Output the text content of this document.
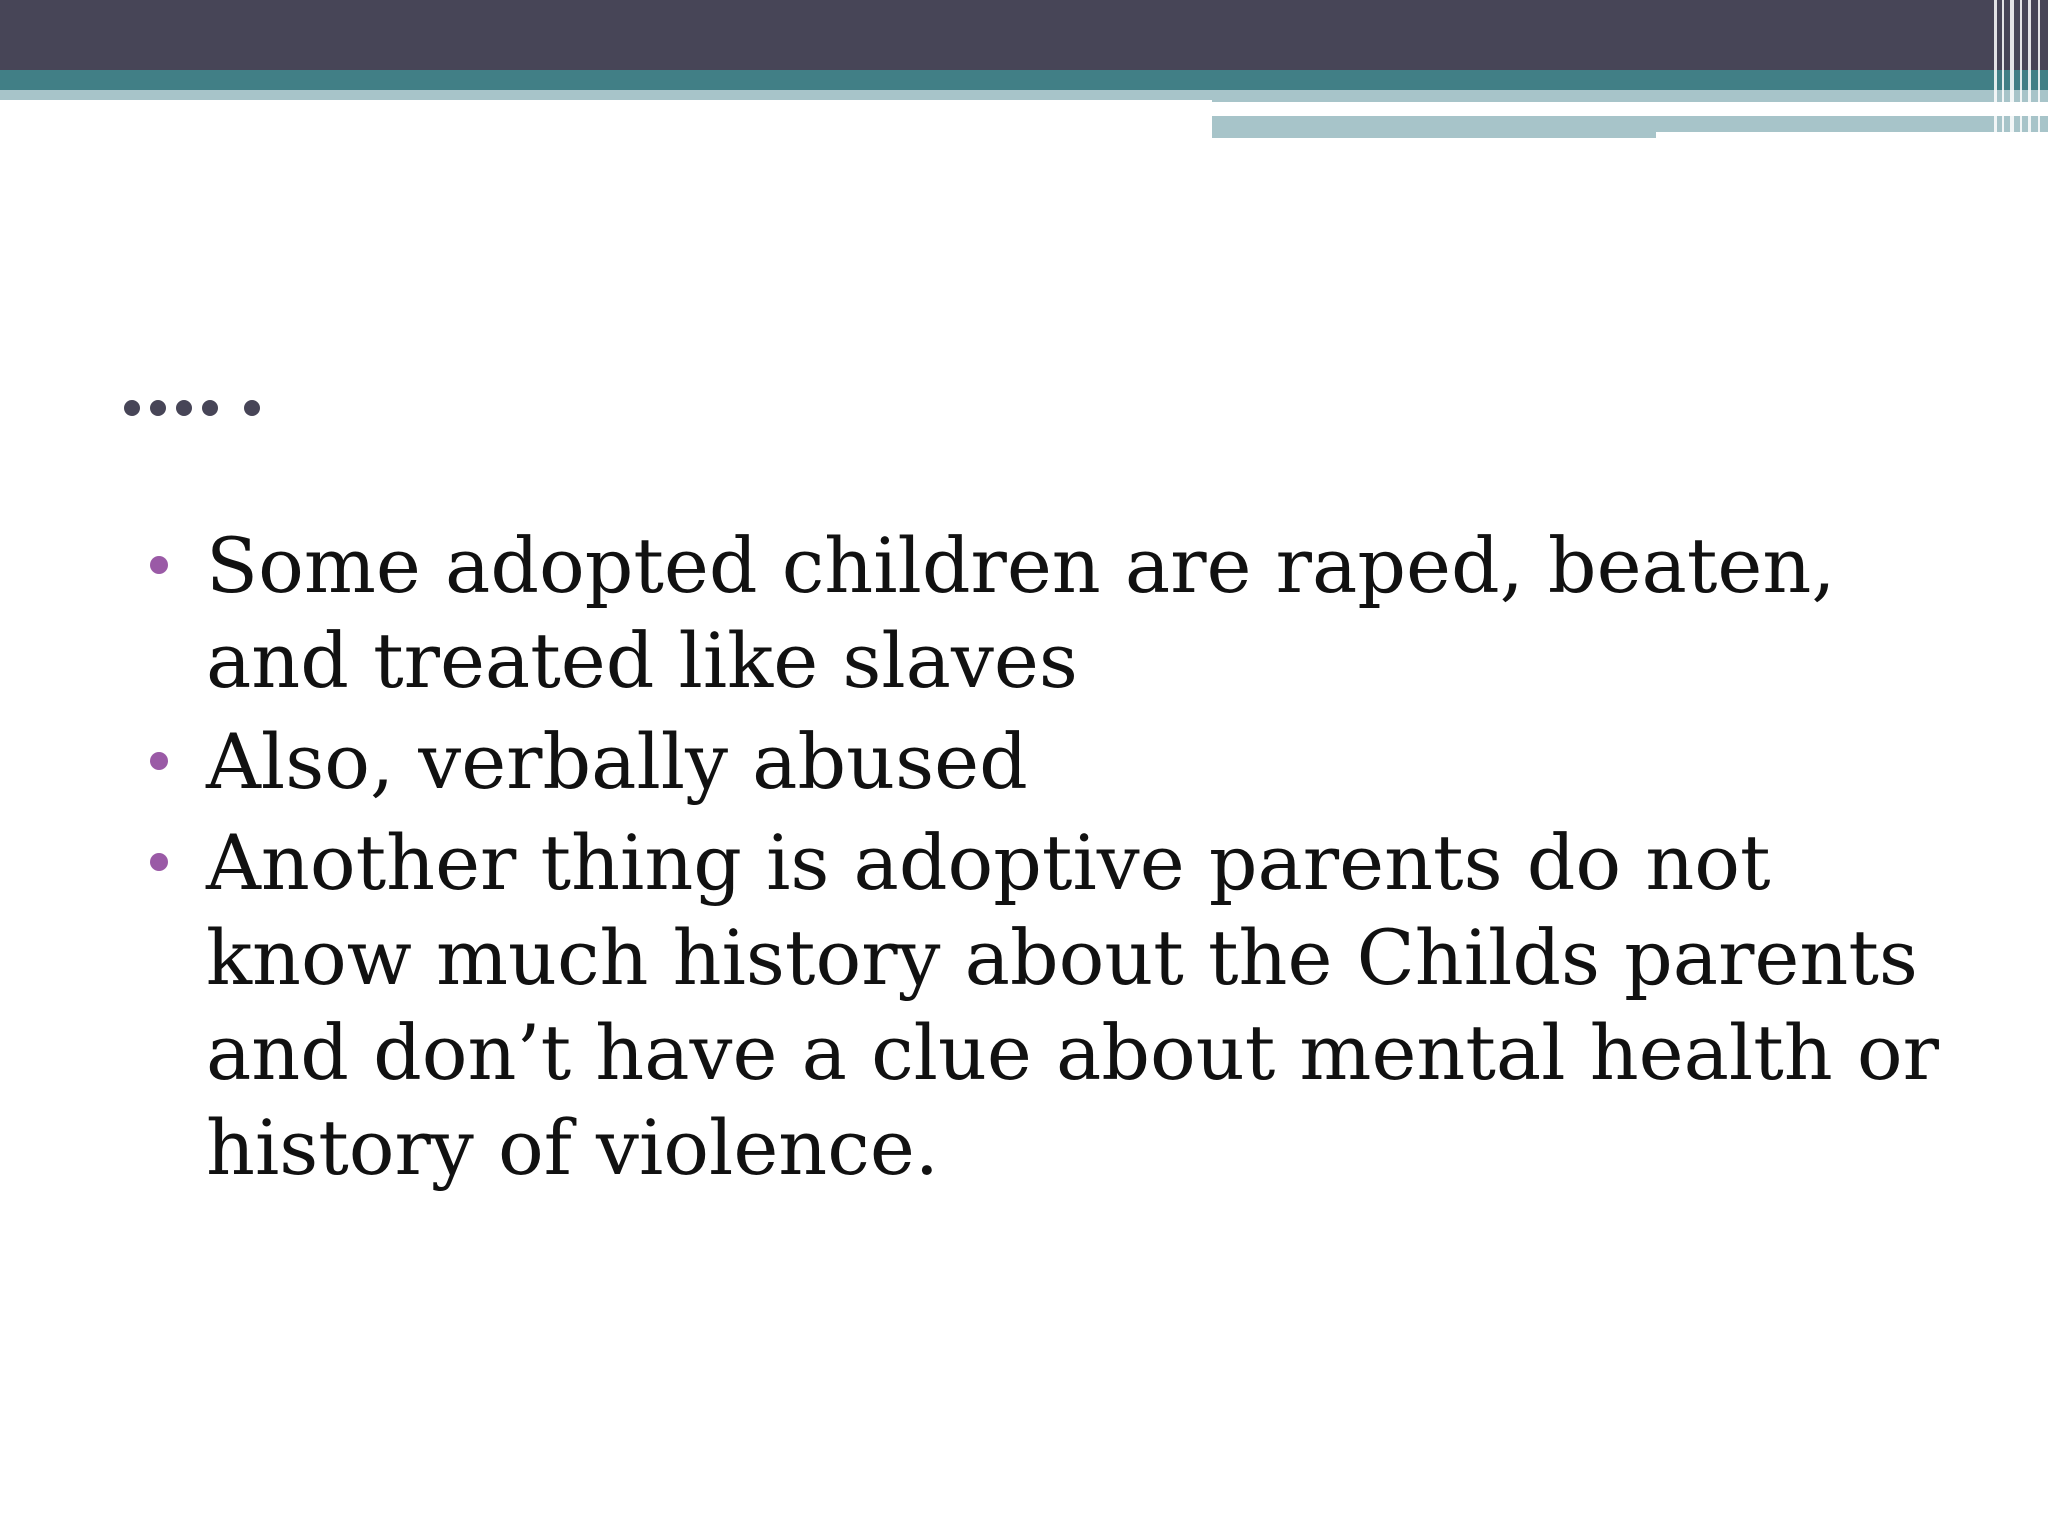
Some adopted children are raped, beaten, and treated like slaves
Also, verbally abused
Another thing is adoptive parents do not know much history about the Childs parents and don’t have a clue about mental health or history of violence.
